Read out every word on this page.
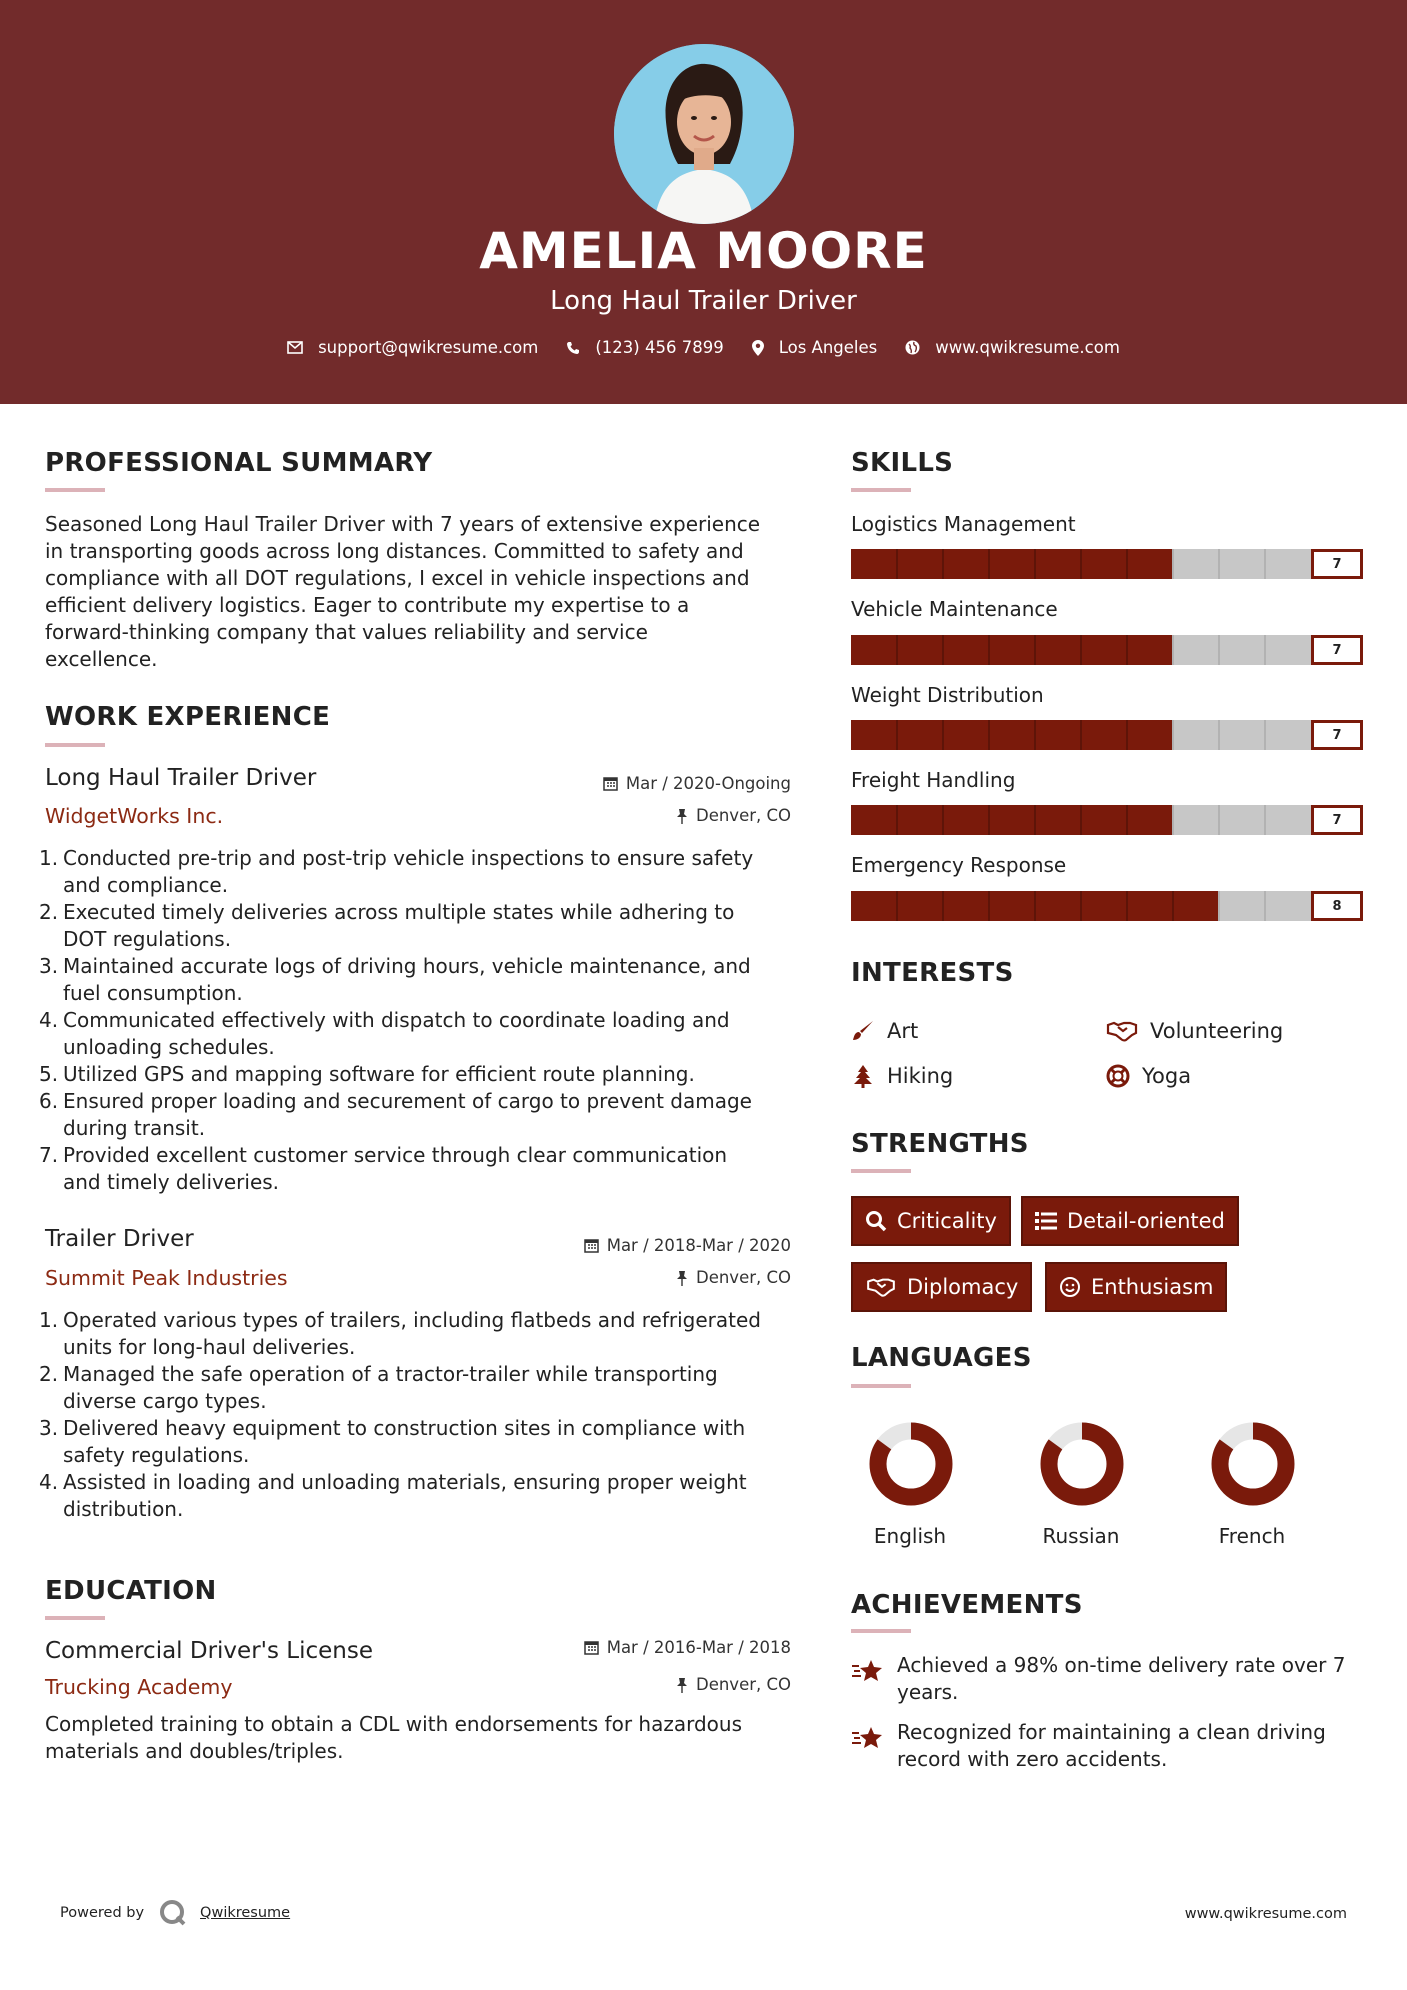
AMELIA MOORE
Long Haul Trailer Driver
support@qwikresume.com	(123) 456 7899	Los Angeles	www.qwikresume.com
PROFESSIONAL SUMMARY
Seasoned Long Haul Trailer Driver with 7 years of extensive experience
in transporting goods across long distances. Committed to safety and
compliance with all DOT regulations, I excel in vehicle inspections and
efficient delivery logistics. Eager to contribute my expertise to a
forward-thinking company that values reliability and service
excellence.
WORK EXPERIENCE
Long Haul Trailer Driver	Mar / 2020-Ongoing
WidgetWorks Inc.	Denver, CO
1. Conducted pre-trip and post-trip vehicle inspections to ensure safety
and compliance.
2. Executed timely deliveries across multiple states while adhering to
DOT regulations.
3. Maintained accurate logs of driving hours, vehicle maintenance, and
fuel consumption.
4. Communicated effectively with dispatch to coordinate loading and
unloading schedules.
5. Utilized GPS and mapping software for efficient route planning.
6. Ensured proper loading and securement of cargo to prevent damage
during transit.
7. Provided excellent customer service through clear communication
and timely deliveries.
Trailer Driver	Mar / 2018-Mar / 2020
Summit Peak Industries	Denver, CO
1. Operated various types of trailers, including flatbeds and refrigerated
units for long-haul deliveries.
2. Managed the safe operation of a tractor-trailer while transporting
diverse cargo types.
3. Delivered heavy equipment to construction sites in compliance with
safety regulations.
4. Assisted in loading and unloading materials, ensuring proper weight
distribution.
EDUCATION
Commercial Driver's License	Mar / 2016-Mar / 2018
Trucking Academy	Denver, CO
Completed training to obtain a CDL with endorsements for hazardous
materials and doubles/triples.
SKILLS
Logistics Management
7
Vehicle Maintenance
7
Weight Distribution
7
Freight Handling
7
Emergency Response
8
INTERESTS
Art	Volunteering
Hiking	Yoga
STRENGTHS
Criticality	Detail-oriented
Diplomacy	Enthusiasm
LANGUAGES
English	Russian	French
ACHIEVEMENTS
Achieved a 98% on-time delivery rate over 7
years.
Recognized for maintaining a clean driving
record with zero accidents.
Powered by	Qwikresume	www.qwikresume.com
